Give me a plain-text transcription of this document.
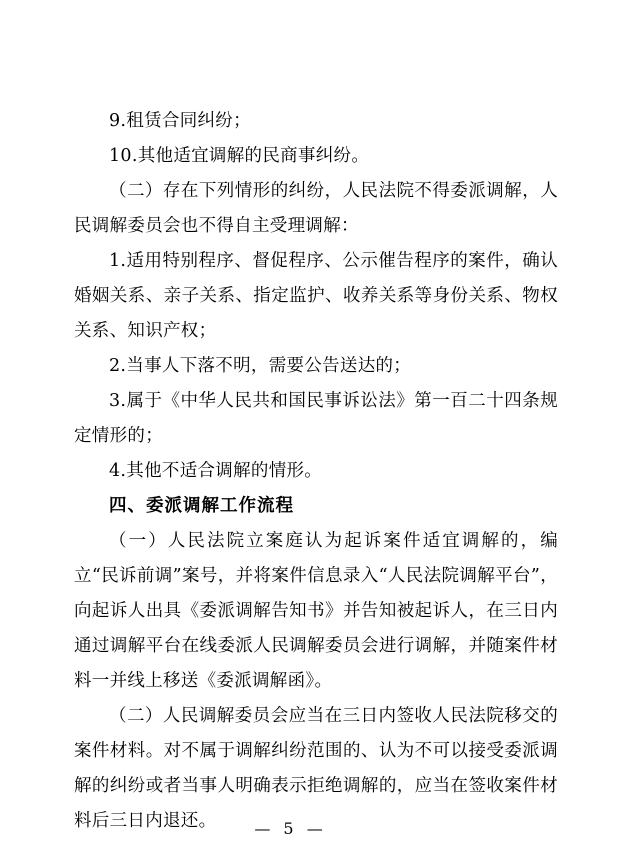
9.租赁合同纠纷；

10.其他适宜调解的民商事纠纷。

（二）存在下列情形的纠纷，人民法院不得委派调解，人民调解委员会也不得自主受理调解：

1.适用特别程序、督促程序、公示催告程序的案件，确认婚姻关系、亲子关系、指定监护、收养关系等身份关系、物权关系、知识产权；

2.当事人下落不明，需要公告送达的；

3.属于《中华人民共和国民事诉讼法》第一百二十四条规定情形的；

4.其他不适合调解的情形。

四、委派调解工作流程

（一）人民法院立案庭认为起诉案件适宜调解的，编立“民诉前调”案号，并将案件信息录入“人民法院调解平台”，向起诉人出具《委派调解告知书》并告知被起诉人，在三日内通过调解平台在线委派人民调解委员会进行调解，并随案件材料一并线上移送《委派调解函》。

（二）人民调解委员会应当在三日内签收人民法院移交的案件材料。对不属于调解纠纷范围的、认为不可以接受委派调解的纠纷或者当事人明确表示拒绝调解的，应当在签收案件材料后三日内退还。	— 5 —
